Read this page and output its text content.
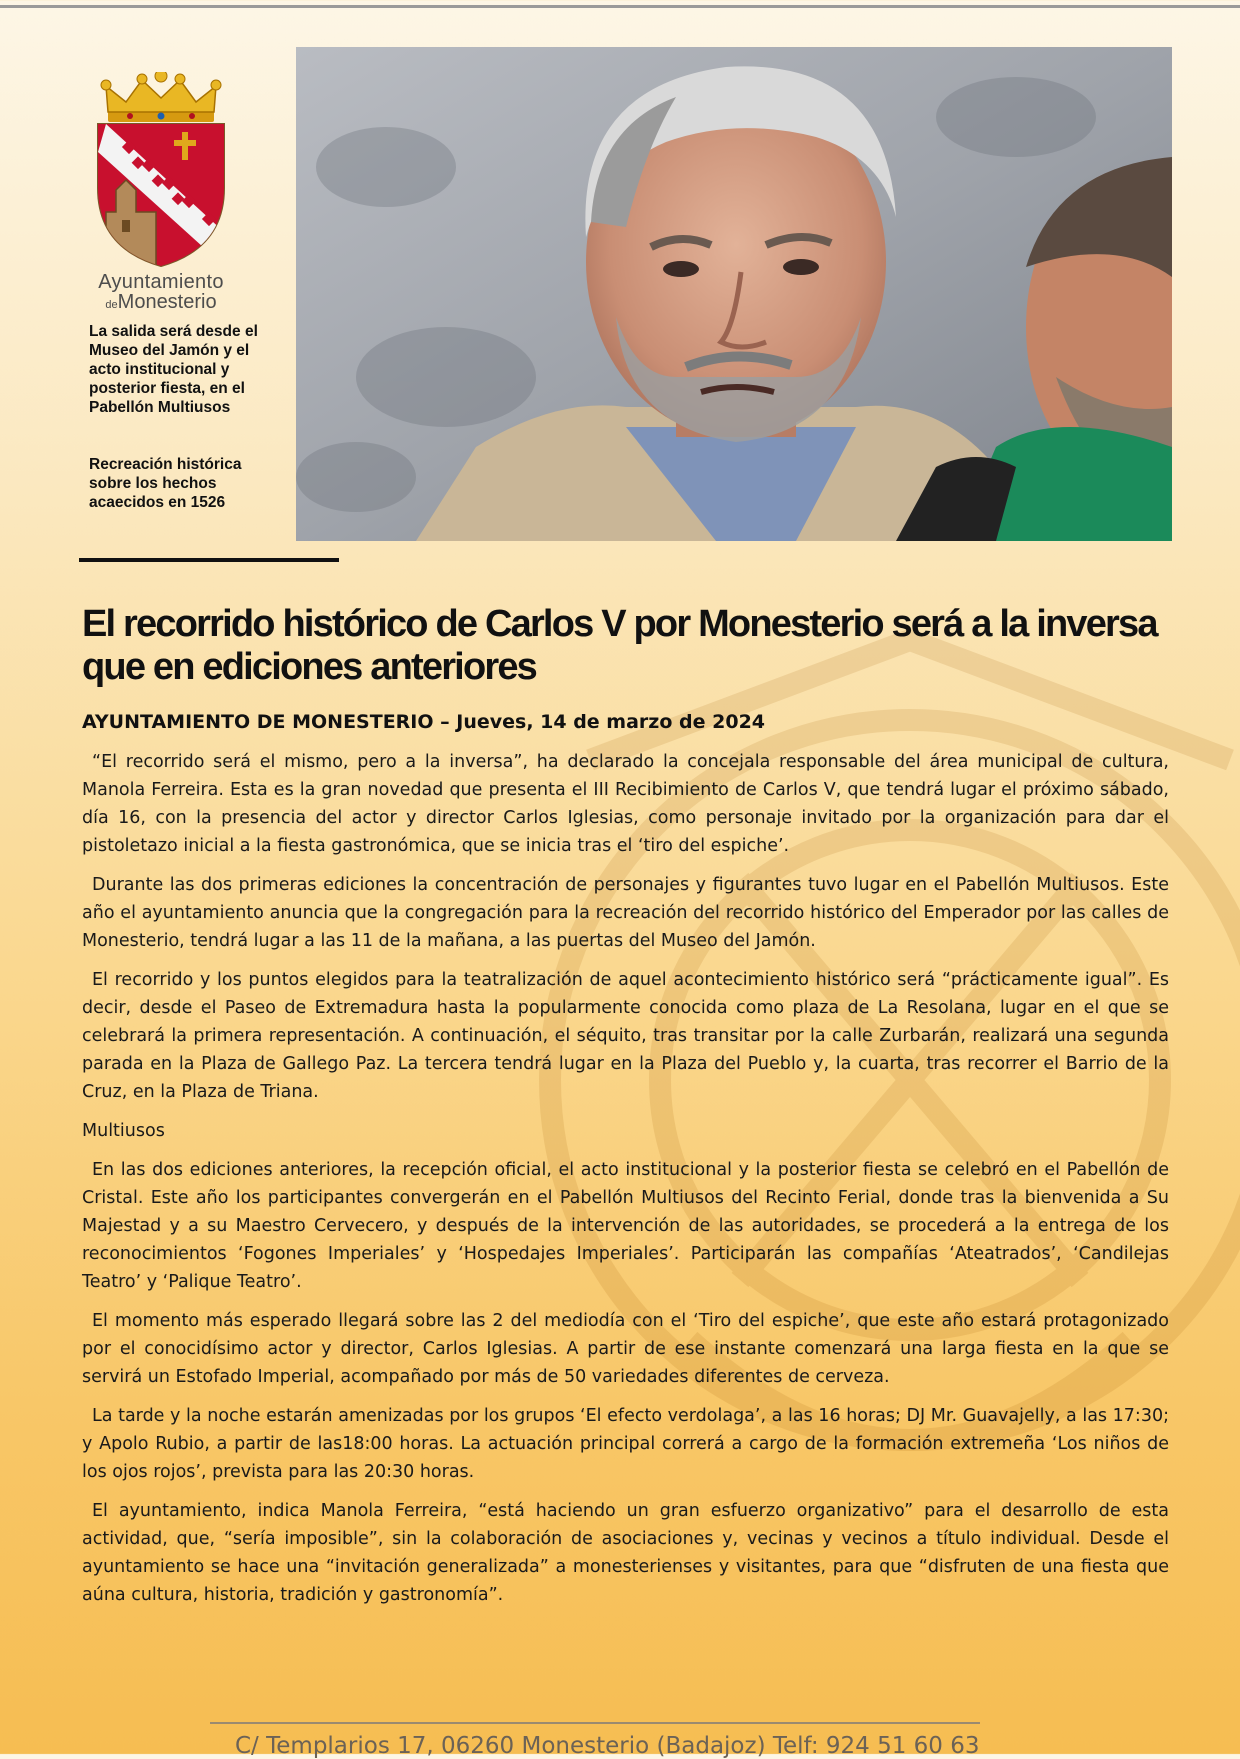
Ayuntamiento
deMonesterio
La salida será desde el Museo del Jamón y el acto institucional y posterior fiesta, en el Pabellón Multiusos
Recreación histórica sobre los hechos acaecidos en 1526
El recorrido histórico de Carlos V por Monesterio será a la inversa que en ediciones anteriores
AYUNTAMIENTO DE MONESTERIO – Jueves, 14 de marzo de 2024

“El recorrido será el mismo, pero a la inversa”, ha declarado la concejala responsable del área municipal de cultura, Manola Ferreira. Esta es la gran novedad que presenta el III Recibimiento de Carlos V, que tendrá lugar el próximo sábado, día 16, con la presencia del actor y director Carlos Iglesias, como personaje invitado por la organización para dar el pistoletazo inicial a la fiesta gastronómica, que se inicia tras el ‘tiro del espiche’.

Durante las dos primeras ediciones la concentración de personajes y figurantes tuvo lugar en el Pabellón Multiusos. Este año el ayuntamiento anuncia que la congregación para la recreación del recorrido histórico del Emperador por las calles de Monesterio, tendrá lugar a las 11 de la mañana, a las puertas del Museo del Jamón.

El recorrido y los puntos elegidos para la teatralización de aquel acontecimiento histórico será “prácticamente igual”. Es decir, desde el Paseo de Extremadura hasta la popularmente conocida como plaza de La Resolana, lugar en el que se celebrará la primera representación. A continuación, el séquito, tras transitar por la calle Zurbarán, realizará una segunda parada en la Plaza de Gallego Paz. La tercera tendrá lugar en la Plaza del Pueblo y, la cuarta, tras recorrer el Barrio de la Cruz, en la Plaza de Triana.

Multiusos

En las dos ediciones anteriores, la recepción oficial, el acto institucional y la posterior fiesta se celebró en el Pabellón de Cristal. Este año los participantes convergerán en el Pabellón Multiusos del Recinto Ferial, donde tras la bienvenida a Su Majestad y a su Maestro Cervecero, y después de la intervención de las autoridades, se procederá a la entrega de los reconocimientos ‘Fogones Imperiales’ y ‘Hospedajes Imperiales’. Participarán las compañías ‘Ateatrados’, ‘Candilejas Teatro’ y ‘Palique Teatro’.

El momento más esperado llegará sobre las 2 del mediodía con el ‘Tiro del espiche’, que este año estará protagonizado por el conocidísimo actor y director, Carlos Iglesias. A partir de ese instante comenzará una larga fiesta en la que se servirá un Estofado Imperial, acompañado por más de 50 variedades diferentes de cerveza.

La tarde y la noche estarán amenizadas por los grupos ‘El efecto verdolaga’, a las 16 horas; DJ Mr. Guavajelly, a las 17:30; y Apolo Rubio, a partir de las18:00 horas. La actuación principal correrá a cargo de la formación extremeña ‘Los niños de los ojos rojos’, prevista para las 20:30 horas.

El ayuntamiento, indica Manola Ferreira, “está haciendo un gran esfuerzo organizativo” para el desarrollo de esta actividad, que, “sería imposible”, sin la colaboración de asociaciones y, vecinas y vecinos a título individual. Desde el ayuntamiento se hace una “invitación generalizada” a monesterienses y visitantes, para que “disfruten de una fiesta que aúna cultura, historia, tradición y gastronomía”.

C/ Templarios 17, 06260 Monesterio (Badajoz) Telf: 924 51 60 63
